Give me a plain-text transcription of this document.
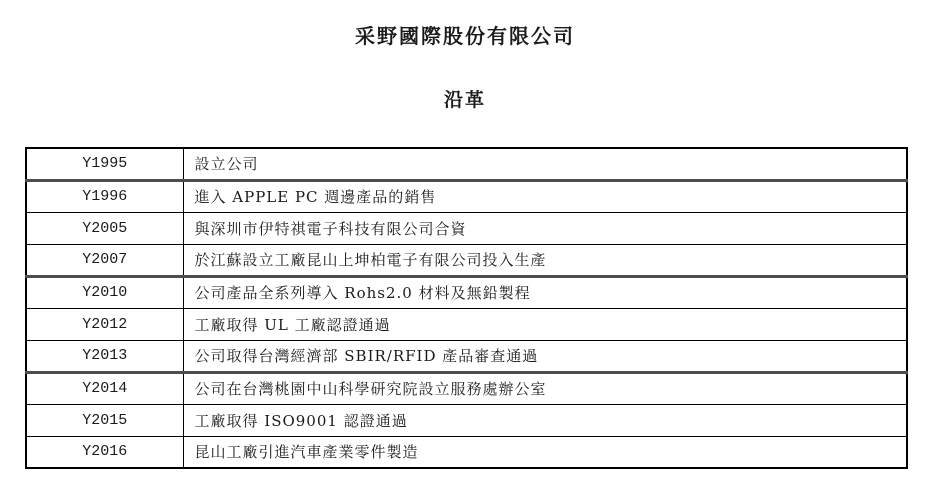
采野國際股份有限公司
沿革
Y1995	設立公司
Y1996	進入 APPLE PC 週邊產品的銷售
Y2005	與深圳市伊特祺電子科技有限公司合資
Y2007	於江蘇設立工廠昆山上坤柏電子有限公司投入生產
Y2010	公司產品全系列導入 Rohs2.0 材料及無鉛製程
Y2012	工廠取得 UL 工廠認證通過
Y2013	公司取得台灣經濟部 SBIR/RFID 產品審查通過
Y2014	公司在台灣桃園中山科學研究院設立服務處辦公室
Y2015	工廠取得 ISO9001 認證通過
Y2016	昆山工廠引進汽車產業零件製造
